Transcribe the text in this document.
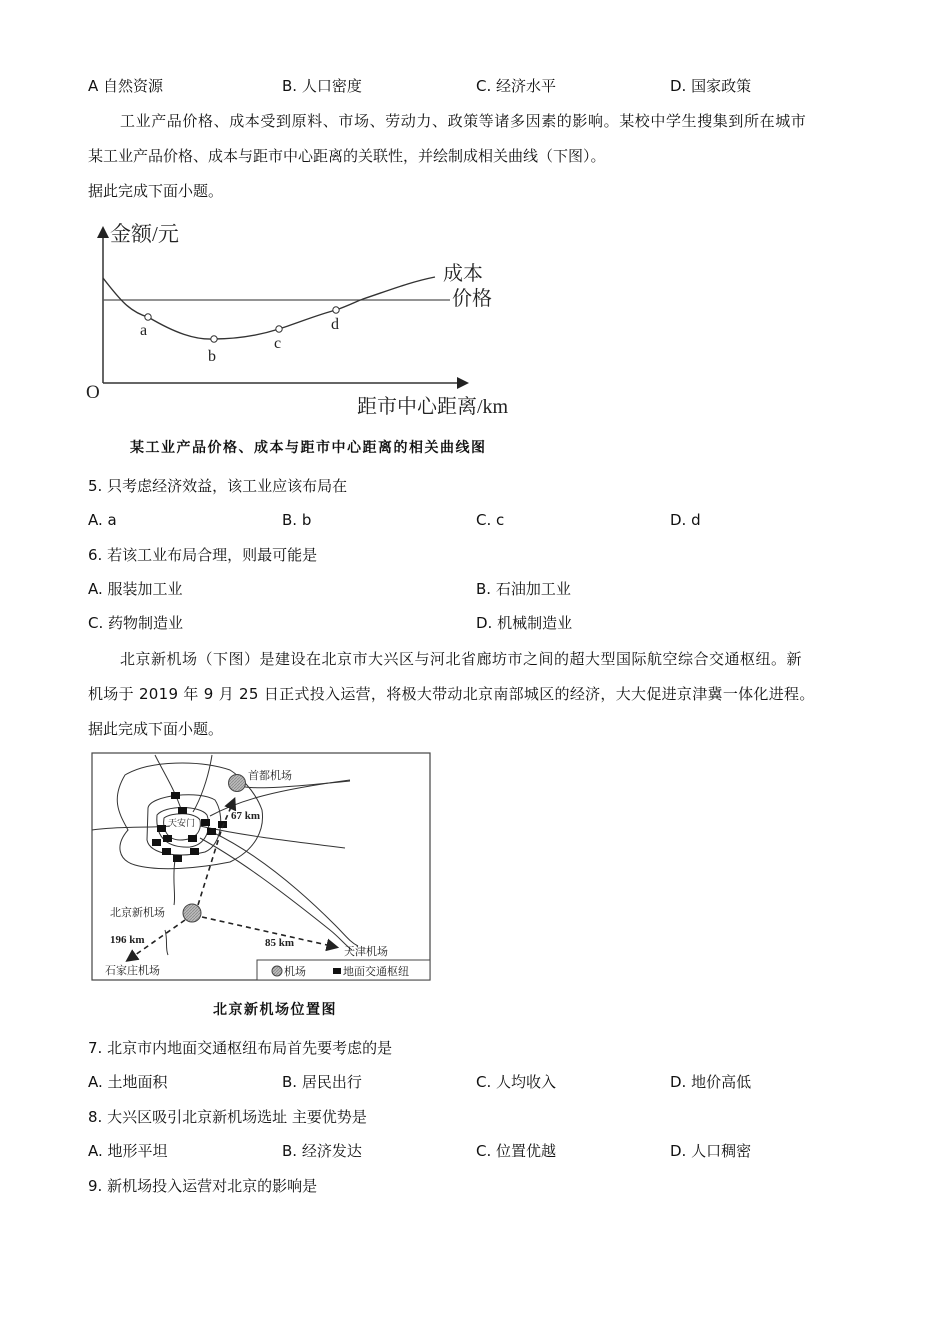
A 自然资源	B. 人口密度	C. 经济水平	D. 国家政策
工业产品价格、成本受到原料、市场、劳动力、政策等诸多因素的影响。某校中学生搜集到所在城市
某工业产品价格、成本与距市中心距离的关联性，并绘制成相关曲线（下图）。
据此完成下面小题。
a
b
c
d
金额/元
成本
价格
O
距市中心距离/km
首都机场
67 km
天安门
北京新机场
196 km	85 km
天津机场
石家庄机场	机场	地面交通枢纽
某工业产品价格、成本与距市中心距离的相关曲线图
5. 只考虑经济效益，该工业应该布局在
A. a	B. b	C. c	D. d
6. 若该工业布局合理，则最可能是
A. 服装加工业	B. 石油加工业
C. 药物制造业	D. 机械制造业
北京新机场（下图）是建设在北京市大兴区与河北省廊坊市之间的超大型国际航空综合交通枢纽。新
机场于 2019 年 9 月 25 日正式投入运营，将极大带动北京南部城区的经济，大大促进京津冀一体化进程。
据此完成下面小题。
北京新机场位置图
7. 北京市内地面交通枢纽布局首先要考虑的是
A. 土地面积	B. 居民出行	C. 人均收入	D. 地价高低
8. 大兴区吸引北京新机场选址 主要优势是
A. 地形平坦	B. 经济发达	C. 位置优越	D. 人口稠密
9. 新机场投入运营对北京的影响是
